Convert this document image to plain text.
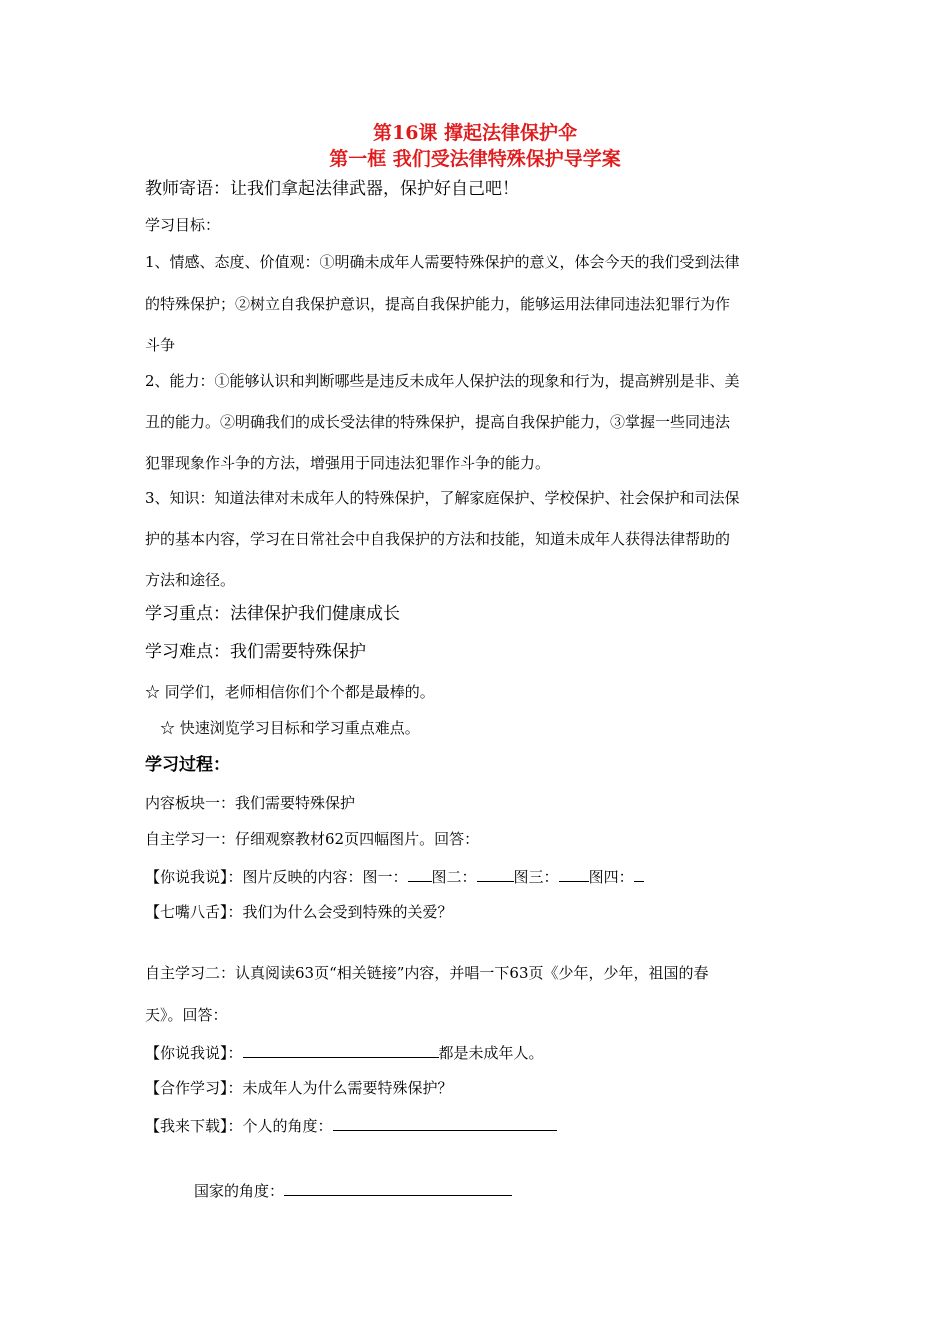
第16课 撑起法律保护伞
第一框 我们受法律特殊保护导学案
教师寄语：让我们拿起法律武器，保护好自己吧！
学习目标：
1、情感、态度、价值观：①明确未成年人需要特殊保护的意义，体会今天的我们受到法律
的特殊保护；②树立自我保护意识，提高自我保护能力，能够运用法律同违法犯罪行为作
斗争
2、能力：①能够认识和判断哪些是违反未成年人保护法的现象和行为，提高辨别是非、美
丑的能力。②明确我们的成长受法律的特殊保护，提高自我保护能力，③掌握一些同违法
犯罪现象作斗争的方法，增强用于同违法犯罪作斗争的能力。
3、知识：知道法律对未成年人的特殊保护，了解家庭保护、学校保护、社会保护和司法保
护的基本内容，学习在日常社会中自我保护的方法和技能，知道未成年人获得法律帮助的
方法和途径。
学习重点：法律保护我们健康成长
学习难点：我们需要特殊保护
☆ 同学们，老师相信你们个个都是最棒的。
☆ 快速浏览学习目标和学习重点难点。
学习过程：
内容板块一：我们需要特殊保护
自主学习一：仔细观察教材62页四幅图片。回答：
【你说我说】：图片反映的内容：图一： 图二： 图三： 图四：
【七嘴八舌】：我们为什么会受到特殊的关爱？
自主学习二：认真阅读63页“相关链接”内容，并唱一下63页《少年，少年，祖国的春
天》。回答：
【你说我说】：	都是未成年人。
【合作学习】：未成年人为什么需要特殊保护？
【我来下载】：个人的角度：
国家的角度：
